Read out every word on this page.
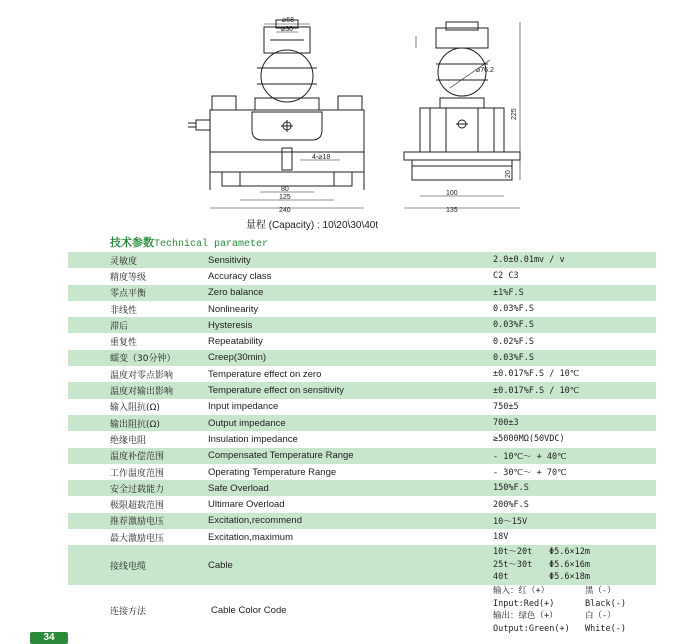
⌀68
⌀30
4-⌀18
80
125
240
⌀76.2
225
20
100
135
量程 (Capacity) : 10\20\30\40t
技术参数Technical parameter
灵敏度	Sensitivity	2.0±0.01mv / v
精度等级	Accuracy class	C2 C3
零点平衡	Zero balance	±1%F.S
非线性	Nonlinearity	0.03%F.S
滞后	Hysteresis	0.03%F.S
重复性	Repeatability	0.02%F.S
蠕变（30分钟）	Creep(30min)	0.03%F.S
温度对零点影响	Temperature effect on zero	±0.017%F.S / 10℃
温度对输出影响	Temperature effect on sensitivity	±0.017%F.S / 10℃
输入阻抗(Ω)	Input impedance	750±5
输出阻抗(Ω)	Output impedance	700±3
绝缘电阻	Insulation impedance	≥5000MΩ(50VDC)
温度补偿范围	Compensated Temperature Range	- 10℃～ + 40℃
工作温度范围	Operating Temperature Range	- 30℃～ + 70℃
安全过载能力	Safe Overload	150%F.S
极限超载范围	Ultimare Overload	200%F.S
推荐激励电压	Excitation,recommend	10～15V
最大激励电压	Excitation,maximum	18V
接线电缆	Cable	10t～20t Φ5.6×12m
25t～30t Φ5.6×16m
40t Φ5.6×18m

连接方法	Cable Color Code	输入：红（+） 黑（-）
Input:Red(+) Black(-)
输出：绿色（+） 白（-）
Output:Green(+) White(-)
34
